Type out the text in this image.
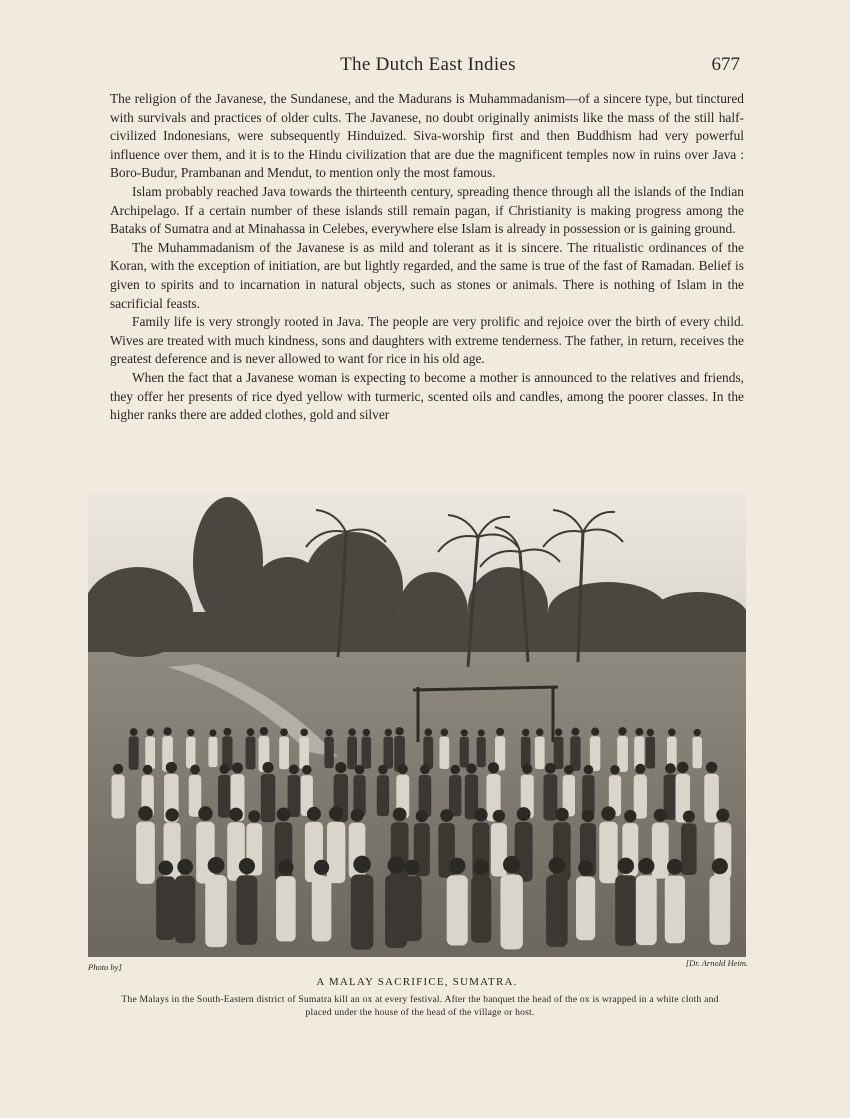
The Dutch East Indies	677

The religion of the Javanese, the Sundanese, and the Madurans is Muhammadanism—of a sincere type, but tinctured with survivals and practices of older cults. The Javanese, no doubt originally animists like the mass of the still half-civilized Indonesians, were subsequently Hinduized. Siva-worship first and then Buddhism had very powerful influence over them, and it is to the Hindu civilization that are due the magnificent temples now in ruins over Java : Boro-Budur, Prambanan and Mendut, to mention only the most famous.

Islam probably reached Java towards the thirteenth century, spreading thence through all the islands of the Indian Archipelago. If a certain number of these islands still remain pagan, if Christianity is making progress among the Bataks of Sumatra and at Minahassa in Celebes, everywhere else Islam is already in possession or is gaining ground.

The Muhammadanism of the Javanese is as mild and tolerant as it is sincere. The ritualistic ordinances of the Koran, with the exception of initiation, are but lightly regarded, and the same is true of the fast of Ramadan. Belief is given to spirits and to incarnation in natural objects, such as stones or animals. There is nothing of Islam in the sacrificial feasts.

Family life is very strongly rooted in Java. The people are very prolific and rejoice over the birth of every child. Wives are treated with much kindness, sons and daughters with extreme tenderness. The father, in return, receives the greatest deference and is never allowed to want for rice in his old age.

When the fact that a Javanese woman is expecting to become a mother is announced to the relatives and friends, they offer her presents of rice dyed yellow with turmeric, scented oils and candles, among the poorer classes. In the higher ranks there are added clothes, gold and silver

Photo by]	[Dr. Arnold Heim.
A MALAY SACRIFICE, SUMATRA.
The Malays in the South-Eastern district of Sumatra kill an ox at every festival. After the banquet the head of the ox is wrapped in a white cloth and placed under the house of the head of the village or host.
